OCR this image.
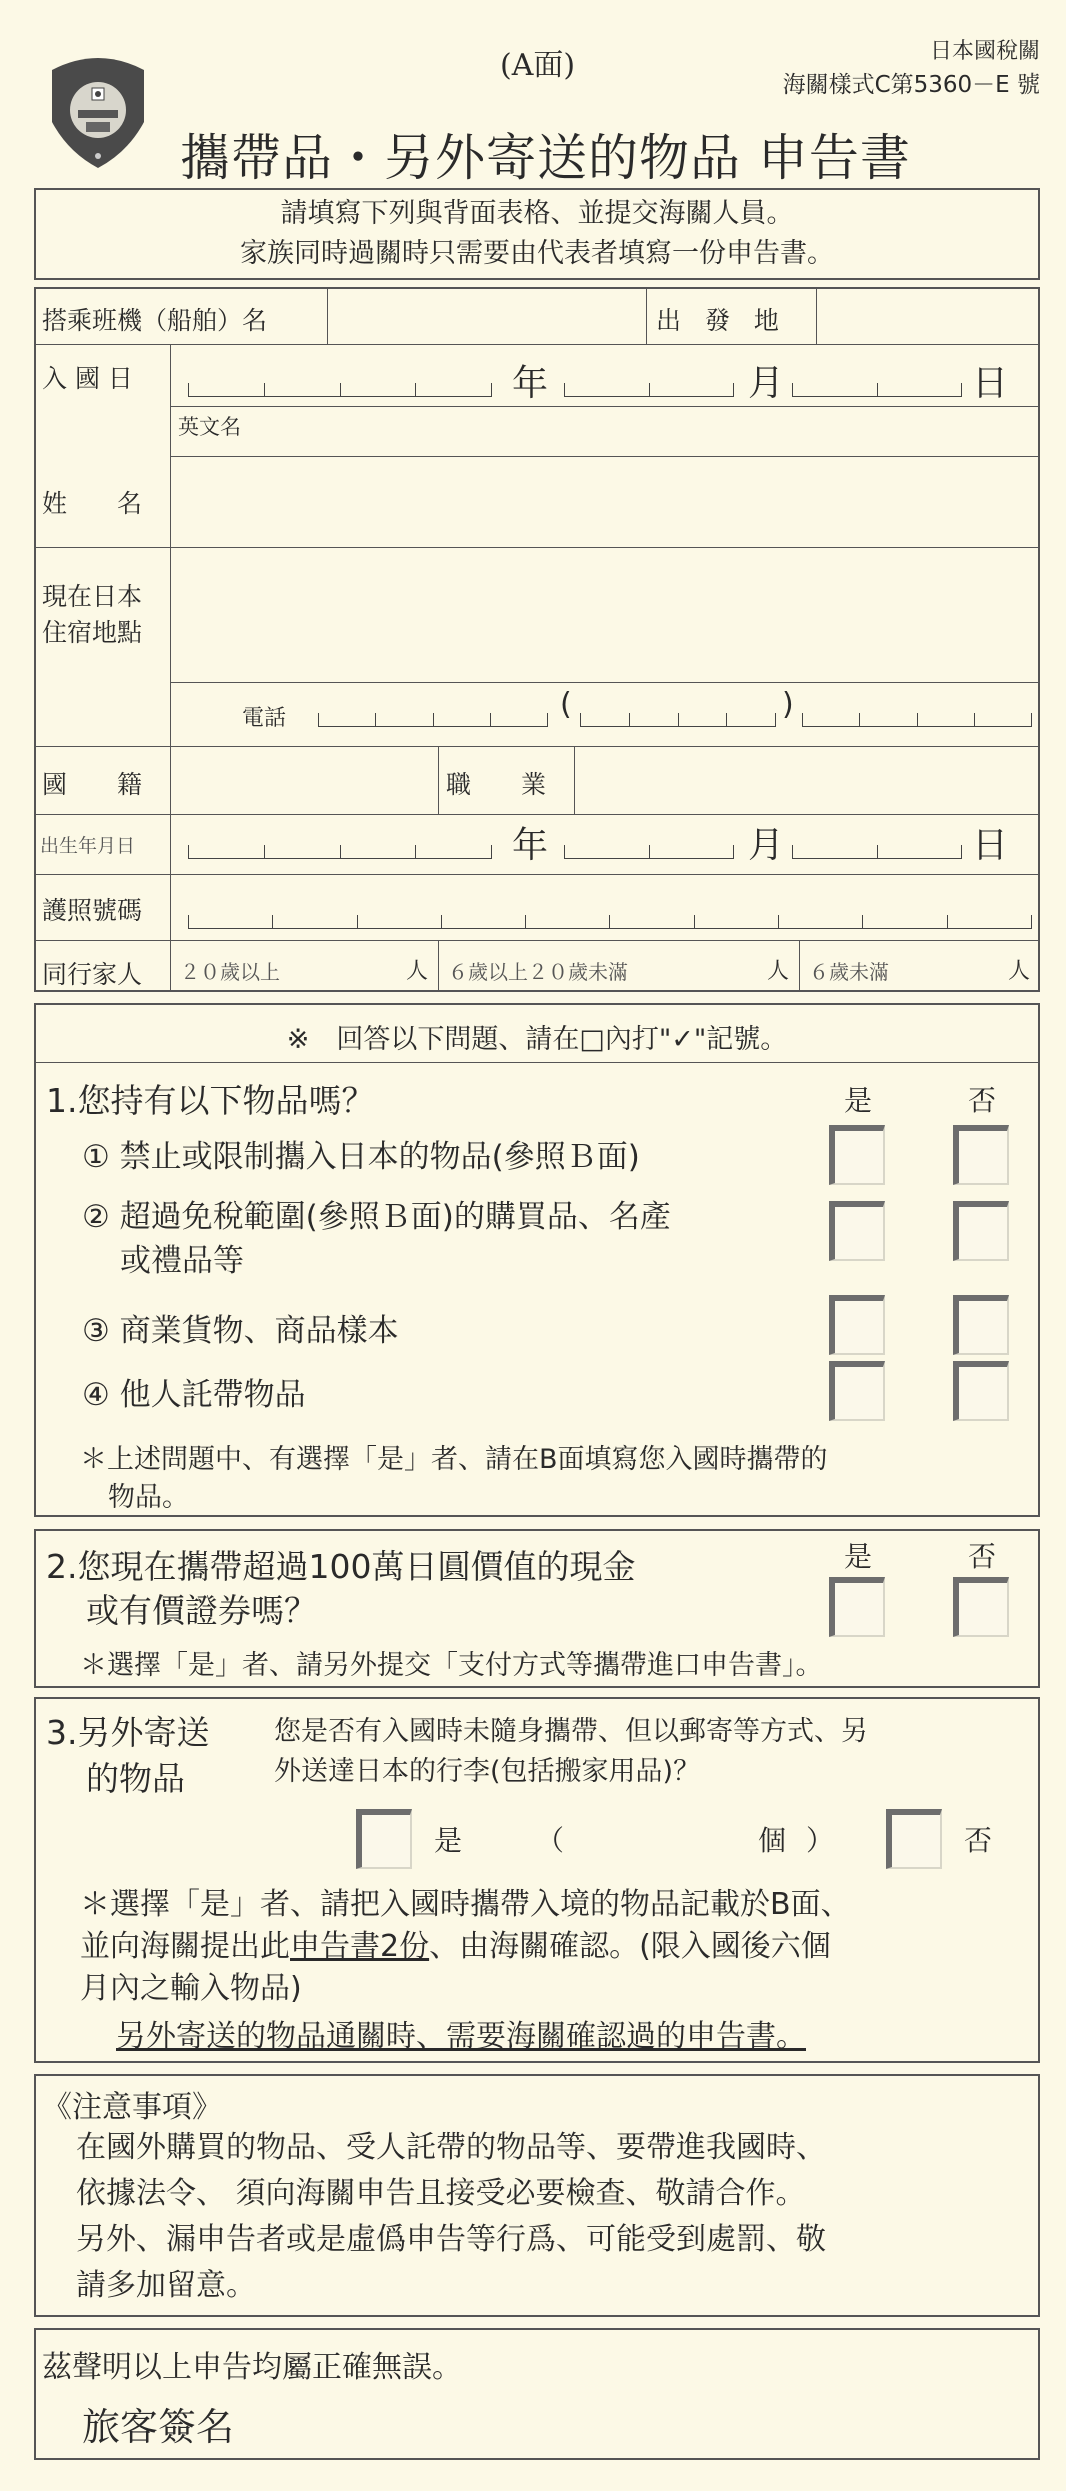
(A面)	日本國稅關
海關樣式C第5360－E 號
攜帶品・另外寄送的物品 申告書
請填寫下列與背面表格、並提交海關人員。
家族同時過關時只需要由代表者填寫一份申告書。
搭乘班機（船舶）名	出 發 地
入 國 日	年	月	日
英文名
姓　　名
現在日本
住宿地點
電話	(	)
國　　籍	職　　業
出生年月日	年	月	日
護照號碼
同行家人 ２０歲以上	人 ６歲以上２０歲未滿	人 ６歲未滿	人
※　回答以下問題、請在□內打"✓"記號。
1.您持有以下物品嗎？	是	否
① 禁止或限制攜入日本的物品(參照Ｂ面)
② 超過免稅範圍(參照Ｂ面)的購買品、名產
或禮品等
③ 商業貨物、商品樣本
④ 他人託帶物品
＊上述問題中、有選擇「是」者、請在B面填寫您入國時攜帶的
物品。
2.您現在攜帶超過100萬日圓價值的現金
或有價證券嗎？
是	否
＊選擇「是」者、請另外提交「支付方式等攜帶進口申告書」。
3.另外寄送
的物品
您是否有入國時未隨身攜帶、但以郵寄等方式、另
外送達日本的行李(包括搬家用品)？
是	（	個 ）	否
＊選擇「是」者、請把入國時攜帶入境的物品記載於B面、
並向海關提出此申告書2份、由海關確認。(限入國後六個
月內之輸入物品)
另外寄送的物品通關時、需要海關確認過的申告書。
《注意事項》
在國外購買的物品、受人託帶的物品等、要帶進我國時、
依據法令、 須向海關申告且接受必要檢查、敬請合作。
另外、漏申告者或是虛僞申告等行爲、可能受到處罰、敬
請多加留意。
茲聲明以上申告均屬正確無誤。
旅客簽名
